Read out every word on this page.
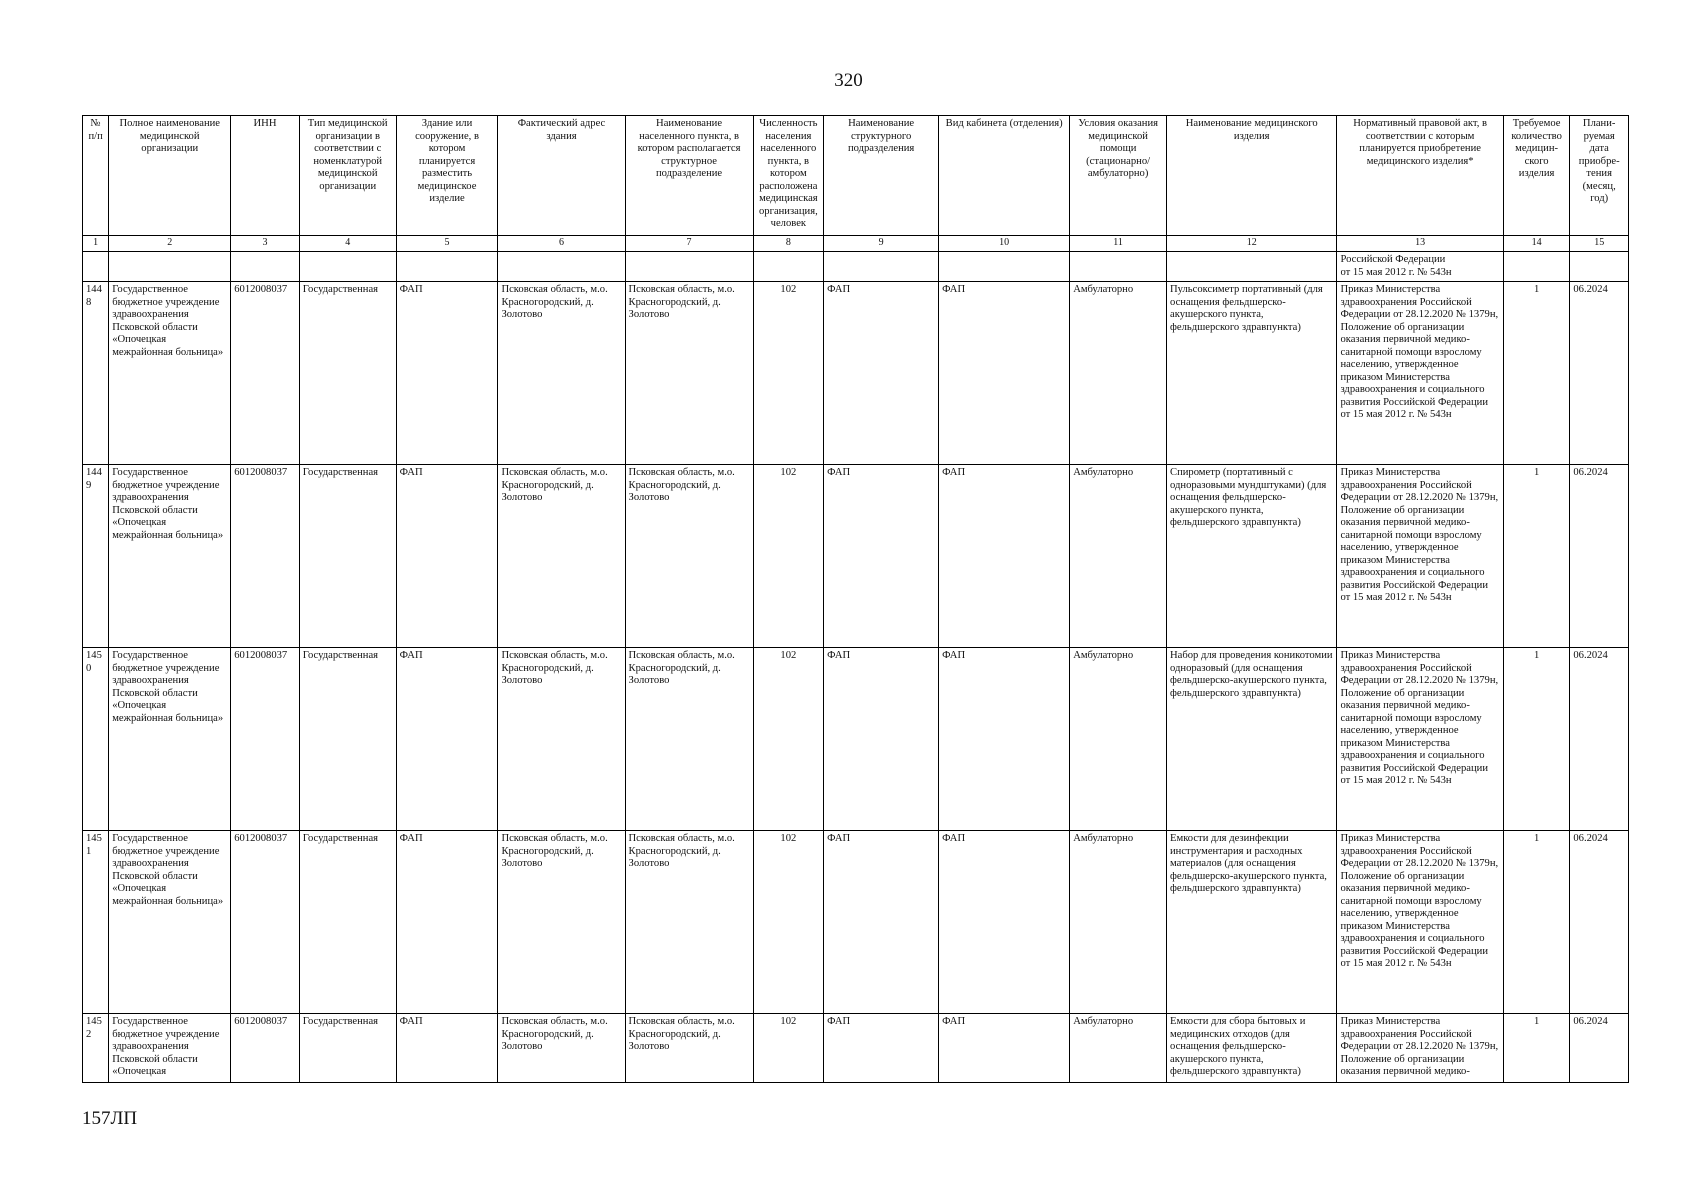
320
№ п/п	Полное наименование медицинской организации	ИНН	Тип медицинской организации в соответствии с номенклатурой медицинской организации	Здание или сооружение, в котором планируется разместить медицинское изделие	Фактический адрес здания	Наименование населенного пункта, в котором располагается структурное подразделение	Численность населения населенного пункта, в котором расположена медицинская организация, человек	Наименование структурного подразделения	Вид кабинета (отделения)	Условия оказания медицинской помощи (стационарно/ амбулаторно)	Наименование медицинского изделия	Нормативный правовой акт, в соответствии с которым планируется приобретение медицинского изделия*	Требуемое количество медицин-ского изделия	Плани-руемая дата приобре-тения (месяц, год)
1	2	3	4	5	6	7	8	9	10	11	12	13	14	15
												Российской Федерации
от 15 мая 2012 г. № 543н		
1448	Государственное бюджетное учреждение здравоохранения Псковской области «Опочецкая межрайонная больница»	6012008037	Государственная	ФАП	Псковская область, м.о. Красногородский, д. Золотово	Псковская область, м.о. Красногородский, д. Золотово	102	ФАП	ФАП	Амбулаторно	Пульсоксиметр портативный (для оснащения фельдшерско-акушерского пункта, фельдшерского здравпункта)	Приказ Министерства здравоохранения Российской Федерации от 28.12.2020 № 1379н, Положение об организации оказания первичной медико-санитарной помощи взрослому населению, утвержденное приказом Министерства здравоохранения и социального развития Российской Федерации от 15 мая 2012 г. № 543н	1	06.2024
1449	Государственное бюджетное учреждение здравоохранения Псковской области «Опочецкая межрайонная больница»	6012008037	Государственная	ФАП	Псковская область, м.о. Красногородский, д. Золотово	Псковская область, м.о. Красногородский, д. Золотово	102	ФАП	ФАП	Амбулаторно	Спирометр (портативный с одноразовыми мундштуками) (для оснащения фельдшерско-акушерского пункта, фельдшерского здравпункта)	Приказ Министерства здравоохранения Российской Федерации от 28.12.2020 № 1379н, Положение об организации оказания первичной медико-санитарной помощи взрослому населению, утвержденное приказом Министерства здравоохранения и социального развития Российской Федерации от 15 мая 2012 г. № 543н	1	06.2024
1450	Государственное бюджетное учреждение здравоохранения Псковской области «Опочецкая межрайонная больница»	6012008037	Государственная	ФАП	Псковская область, м.о. Красногородский, д. Золотово	Псковская область, м.о. Красногородский, д. Золотово	102	ФАП	ФАП	Амбулаторно	Набор для проведения коникотомии одноразовый (для оснащения фельдшерско-акушерского пункта, фельдшерского здравпункта)	Приказ Министерства здравоохранения Российской Федерации от 28.12.2020 № 1379н, Положение об организации оказания первичной медико-санитарной помощи взрослому населению, утвержденное приказом Министерства здравоохранения и социального развития Российской Федерации от 15 мая 2012 г. № 543н	1	06.2024
1451	Государственное бюджетное учреждение здравоохранения Псковской области «Опочецкая межрайонная больница»	6012008037	Государственная	ФАП	Псковская область, м.о. Красногородский, д. Золотово	Псковская область, м.о. Красногородский, д. Золотово	102	ФАП	ФАП	Амбулаторно	Емкости для дезинфекции инструментария и расходных материалов (для оснащения фельдшерско-акушерского пункта, фельдшерского здравпункта)	Приказ Министерства здравоохранения Российской Федерации от 28.12.2020 № 1379н, Положение об организации оказания первичной медико-санитарной помощи взрослому населению, утвержденное приказом Министерства здравоохранения и социального развития Российской Федерации от 15 мая 2012 г. № 543н	1	06.2024
1452	Государственное бюджетное учреждение здравоохранения Псковской области «Опочецкая	6012008037	Государственная	ФАП	Псковская область, м.о. Красногородский, д. Золотово	Псковская область, м.о. Красногородский, д. Золотово	102	ФАП	ФАП	Амбулаторно	Емкости для сбора бытовых и медицинских отходов (для оснащения фельдшерско-акушерского пункта, фельдшерского здравпункта)	Приказ Министерства здравоохранения Российской Федерации от 28.12.2020 № 1379н, Положение об организации оказания первичной медико-	1	06.2024
157ЛП
